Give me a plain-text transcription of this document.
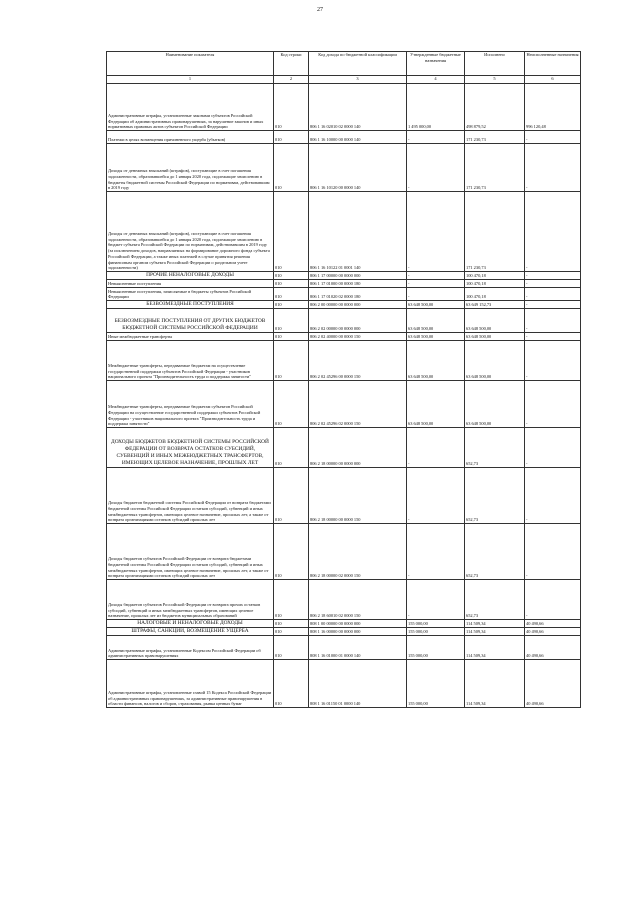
27
Наименование показателя	Код строки	Код дохода по бюджетной классификации	Утвержденные бюджетные назначения	Исполнено	Неисполненные назначения
1	2	3	4	5	6
Административные штрафы, установленные законами субъектов Российской Федерации об административных правонарушениях, за нарушение законов и иных нормативных правовых актов субъектов Российской Федерации	010	806 1 16 02010 02 0000 140	1 495 000,00	498 879,52	996 120,48
Платежи в целях возмещения причиненного ущерба (убытков)	010	806 1 16 10000 00 0000 140	-	171 230,73	-
Доходы от денежных взысканий (штрафов), поступающие в счет погашения задолженности, образовавшейся до 1 января 2020 года, подлежащие зачислению в бюджеты бюджетной системы Российской Федерации по нормативам, действовавшим в 2019 году	010	806 1 16 10120 00 0000 140	-	171 230,73	-
Доходы от денежных взысканий (штрафов), поступающие в счет погашения задолженности, образовавшейся до 1 января 2020 года, подлежащие зачислению в бюджет субъекта Российской Федерации по нормативам, действовавшим в 2019 году (за исключением доходов, направляемых на формирование дорожного фонда субъекта Российской Федерации, а также иных платежей в случае принятия решения финансовым органом субъекта Российской Федерации о раздельном учете задолженности)	010	806 1 16 10122 01 0001 140	-	171 230,73	-
ПРОЧИЕ НЕНАЛОГОВЫЕ ДОХОДЫ	010	806 1 17 00000 00 0000 000	-	100 470,18	-
Невыясненные поступления	010	806 1 17 01000 00 0000 180	-	100 470,18	-
Невыясненные поступления, зачисляемые в бюджеты субъектов Российской Федерации	010	806 1 17 01020 02 0000 180	-	100 470,18	-
БЕЗВОЗМЕЗДНЫЕ ПОСТУПЛЕНИЯ	010	806 2 00 00000 00 0000 000	63 648 500,00	63 649 152,73	-
БЕЗВОЗМЕЗДНЫЕ ПОСТУПЛЕНИЯ ОТ ДРУГИХ БЮДЖЕТОВ БЮДЖЕТНОЙ СИСТЕМЫ РОССИЙСКОЙ ФЕДЕРАЦИИ	010	806 2 02 00000 00 0000 000	63 648 500,00	63 648 500,00	-
Иные межбюджетные трансферты	010	806 2 02 40000 00 0000 150	63 648 500,00	63 648 500,00	-
Межбюджетные трансферты, передаваемые бюджетам на осуществление государственной поддержки субъектов Российской Федерации - участников национального проекта "Производительность труда и поддержка занятости"	010	806 2 02 45296 00 0000 150	63 648 500,00	63 648 500,00	-
Межбюджетные трансферты, передаваемые бюджетам субъектов Российской Федерации на осуществление государственной поддержки субъектов Российской Федерации - участников национального проекта "Производительность труда и поддержка занятости"	010	806 2 02 45296 02 0000 150	63 648 500,00	63 648 500,00	-
ДОХОДЫ БЮДЖЕТОВ БЮДЖЕТНОЙ СИСТЕМЫ РОССИЙСКОЙ ФЕДЕРАЦИИ ОТ ВОЗВРАТА ОСТАТКОВ СУБСИДИЙ, СУБВЕНЦИЙ И ИНЫХ МЕЖБЮДЖЕТНЫХ ТРАНСФЕРТОВ, ИМЕЮЩИХ ЦЕЛЕВОЕ НАЗНАЧЕНИЕ, ПРОШЛЫХ ЛЕТ	010	806 2 18 00000 00 0000 000	-	652,73	-
Доходы бюджетов бюджетной системы Российской Федерации от возврата бюджетами бюджетной системы Российской Федерации остатков субсидий, субвенций и иных межбюджетных трансфертов, имеющих целевое назначение, прошлых лет, а также от возврата организациями остатков субсидий прошлых лет	010	806 2 18 00000 00 0000 150	-	652,73	-
Доходы бюджетов субъектов Российской Федерации от возврата бюджетами бюджетной системы Российской Федерации остатков субсидий, субвенций и иных межбюджетных трансфертов, имеющих целевое назначение, прошлых лет, а также от возврата организациями остатков субсидий прошлых лет	010	806 2 18 00000 02 0000 150	-	652,73	-
Доходы бюджетов субъектов Российской Федерации от возврата прочих остатков субсидий, субвенций и иных межбюджетных трансфертов, имеющих целевое назначение, прошлых лет из бюджетов муниципальных образований	010	806 2 18 60010 02 0000 150	-	652,73	-
НАЛОГОВЫЕ И НЕНАЛОГОВЫЕ ДОХОДЫ	010	808 1 00 00000 00 0000 000	155 000,00	114 509,34	40 490,66
ШТРАФЫ, САНКЦИИ, ВОЗМЕЩЕНИЕ УЩЕРБА	010	808 1 16 00000 00 0000 000	155 000,00	114 509,34	40 490,66
Административные штрафы, установленные Кодексом Российской Федерации об административных правонарушениях	010	808 1 16 01000 01 0000 140	155 000,00	114 509,34	40 490,66
Административные штрафы, установленные главой 15 Кодекса Российской Федерации об административных правонарушениях, за административные правонарушения в области финансов, налогов и сборов, страхования, рынка ценных бумаг	010	808 1 16 01150 01 0000 140	155 000,00	114 509,34	40 490,66
